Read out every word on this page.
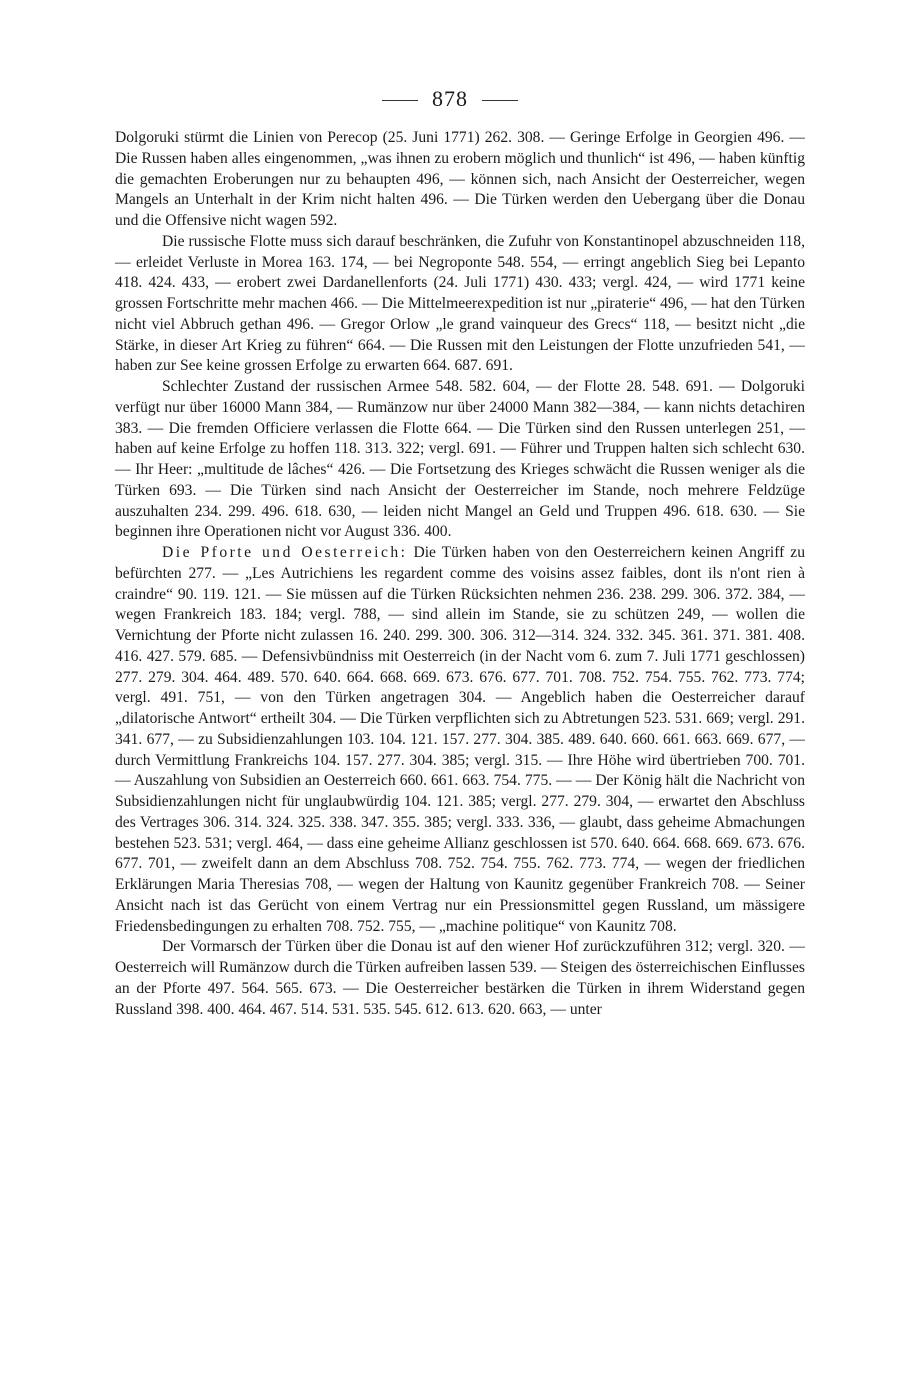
878

Dolgoruki stürmt die Linien von Perecop (25. Juni 1771) 262. 308. — Geringe Erfolge in Georgien 496. — Die Russen haben alles eingenommen, „was ihnen zu erobern möglich und thunlich“ ist 496, — haben künftig die gemachten Eroberungen nur zu behaupten 496, — können sich, nach Ansicht der Oesterreicher, wegen Mangels an Unterhalt in der Krim nicht halten 496. — Die Türken werden den Uebergang über die Donau und die Offensive nicht wagen 592.

Die russische Flotte muss sich darauf beschränken, die Zufuhr von Konstantinopel abzuschneiden 118, — erleidet Verluste in Morea 163. 174, — bei Negroponte 548. 554, — erringt angeblich Sieg bei Lepanto 418. 424. 433, — erobert zwei Dardanellenforts (24. Juli 1771) 430. 433; vergl. 424, — wird 1771 keine grossen Fortschritte mehr machen 466. — Die Mittelmeerexpedition ist nur „piraterie“ 496, — hat den Türken nicht viel Abbruch gethan 496. — Gregor Orlow „le grand vainqueur des Grecs“ 118, — besitzt nicht „die Stärke, in dieser Art Krieg zu führen“ 664. — Die Russen mit den Leistungen der Flotte unzufrieden 541, — haben zur See keine grossen Erfolge zu erwarten 664. 687. 691.

Schlechter Zustand der russischen Armee 548. 582. 604, — der Flotte 28. 548. 691. — Dolgoruki verfügt nur über 16000 Mann 384, — Rumänzow nur über 24000 Mann 382—384, — kann nichts detachiren 383. — Die fremden Officiere verlassen die Flotte 664. — Die Türken sind den Russen unterlegen 251, — haben auf keine Erfolge zu hoffen 118. 313. 322; vergl. 691. — Führer und Truppen halten sich schlecht 630. — Ihr Heer: „multitude de lâches“ 426. — Die Fortsetzung des Krieges schwächt die Russen weniger als die Türken 693. — Die Türken sind nach Ansicht der Oesterreicher im Stande, noch mehrere Feldzüge auszuhalten 234. 299. 496. 618. 630, — leiden nicht Mangel an Geld und Truppen 496. 618. 630. — Sie beginnen ihre Operationen nicht vor August 336. 400.

Die Pforte und Oesterreich: Die Türken haben von den Oesterreichern keinen Angriff zu befürchten 277. — „Les Autrichiens les regardent comme des voisins assez faibles, dont ils n'ont rien à craindre“ 90. 119. 121. — Sie müssen auf die Türken Rücksichten nehmen 236. 238. 299. 306. 372. 384, — wegen Frankreich 183. 184; vergl. 788, — sind allein im Stande, sie zu schützen 249, — wollen die Vernichtung der Pforte nicht zulassen 16. 240. 299. 300. 306. 312—314. 324. 332. 345. 361. 371. 381. 408. 416. 427. 579. 685. — Defensivbündniss mit Oesterreich (in der Nacht vom 6. zum 7. Juli 1771 geschlossen) 277. 279. 304. 464. 489. 570. 640. 664. 668. 669. 673. 676. 677. 701. 708. 752. 754. 755. 762. 773. 774; vergl. 491. 751, — von den Türken angetragen 304. — Angeblich haben die Oesterreicher darauf „dilatorische Antwort“ ertheilt 304. — Die Türken verpflichten sich zu Abtretungen 523. 531. 669; vergl. 291. 341. 677, — zu Subsidienzahlungen 103. 104. 121. 157. 277. 304. 385. 489. 640. 660. 661. 663. 669. 677, — durch Vermittlung Frankreichs 104. 157. 277. 304. 385; vergl. 315. — Ihre Höhe wird übertrieben 700. 701. — Auszahlung von Subsidien an Oesterreich 660. 661. 663. 754. 775. — — Der König hält die Nachricht von Subsidienzahlungen nicht für unglaubwürdig 104. 121. 385; vergl. 277. 279. 304, — erwartet den Abschluss des Vertrages 306. 314. 324. 325. 338. 347. 355. 385; vergl. 333. 336, — glaubt, dass geheime Abmachungen bestehen 523. 531; vergl. 464, — dass eine geheime Allianz geschlossen ist 570. 640. 664. 668. 669. 673. 676. 677. 701, — zweifelt dann an dem Abschluss 708. 752. 754. 755. 762. 773. 774, — wegen der friedlichen Erklärungen Maria Theresias 708, — wegen der Haltung von Kaunitz gegenüber Frankreich 708. — Seiner Ansicht nach ist das Gerücht von einem Vertrag nur ein Pressionsmittel gegen Russland, um mässigere Friedensbedingungen zu erhalten 708. 752. 755, — „machine politique“ von Kaunitz 708.

Der Vormarsch der Türken über die Donau ist auf den wiener Hof zurückzuführen 312; vergl. 320. — Oesterreich will Rumänzow durch die Türken aufreiben lassen 539. — Steigen des österreichischen Einflusses an der Pforte 497. 564. 565. 673. — Die Oesterreicher bestärken die Türken in ihrem Widerstand gegen Russland 398. 400. 464. 467. 514. 531. 535. 545. 612. 613. 620. 663, — unter
